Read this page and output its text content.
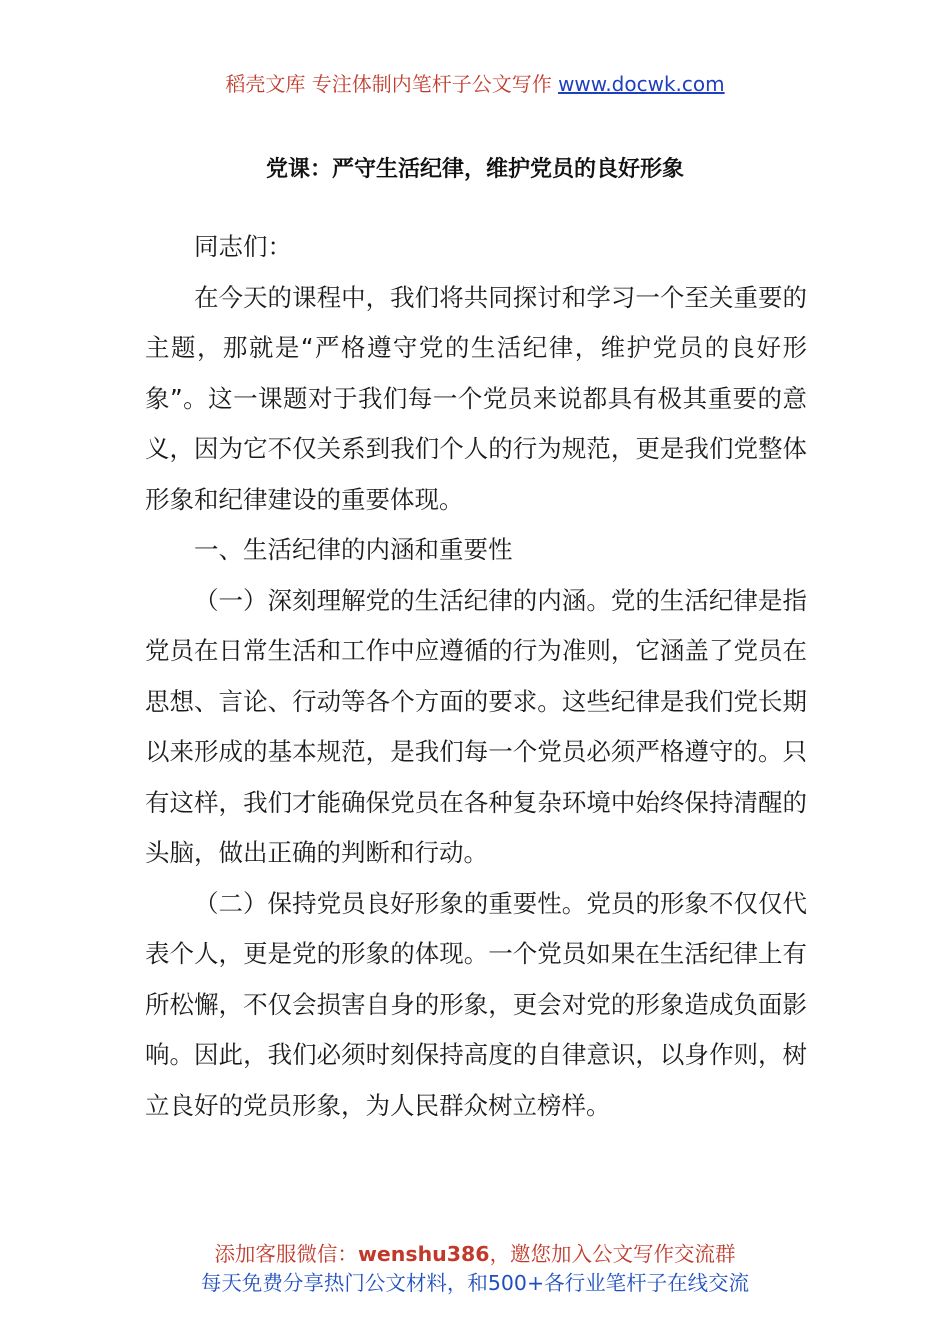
稻壳文库 专注体制内笔杆子公文写作 www.docwk.com
党课：严守生活纪律，维护党员的良好形象

同志们：

在今天的课程中，我们将共同探讨和学习一个至关重要的主题，那就是“严格遵守党的生活纪律，维护党员的良好形象”。这一课题对于我们每一个党员来说都具有极其重要的意义，因为它不仅关系到我们个人的行为规范，更是我们党整体形象和纪律建设的重要体现。

一、生活纪律的内涵和重要性

（一）深刻理解党的生活纪律的内涵。党的生活纪律是指党员在日常生活和工作中应遵循的行为准则，它涵盖了党员在思想、言论、行动等各个方面的要求。这些纪律是我们党长期以来形成的基本规范，是我们每一个党员必须严格遵守的。只有这样，我们才能确保党员在各种复杂环境中始终保持清醒的头脑，做出正确的判断和行动。

（二）保持党员良好形象的重要性。党员的形象不仅仅代表个人，更是党的形象的体现。一个党员如果在生活纪律上有所松懈，不仅会损害自身的形象，更会对党的形象造成负面影响。因此，我们必须时刻保持高度的自律意识，以身作则，树立良好的党员形象，为人民群众树立榜样。

添加客服微信：wenshu386，邀您加入公文写作交流群
每天免费分享热门公文材料，和500+各行业笔杆子在线交流
